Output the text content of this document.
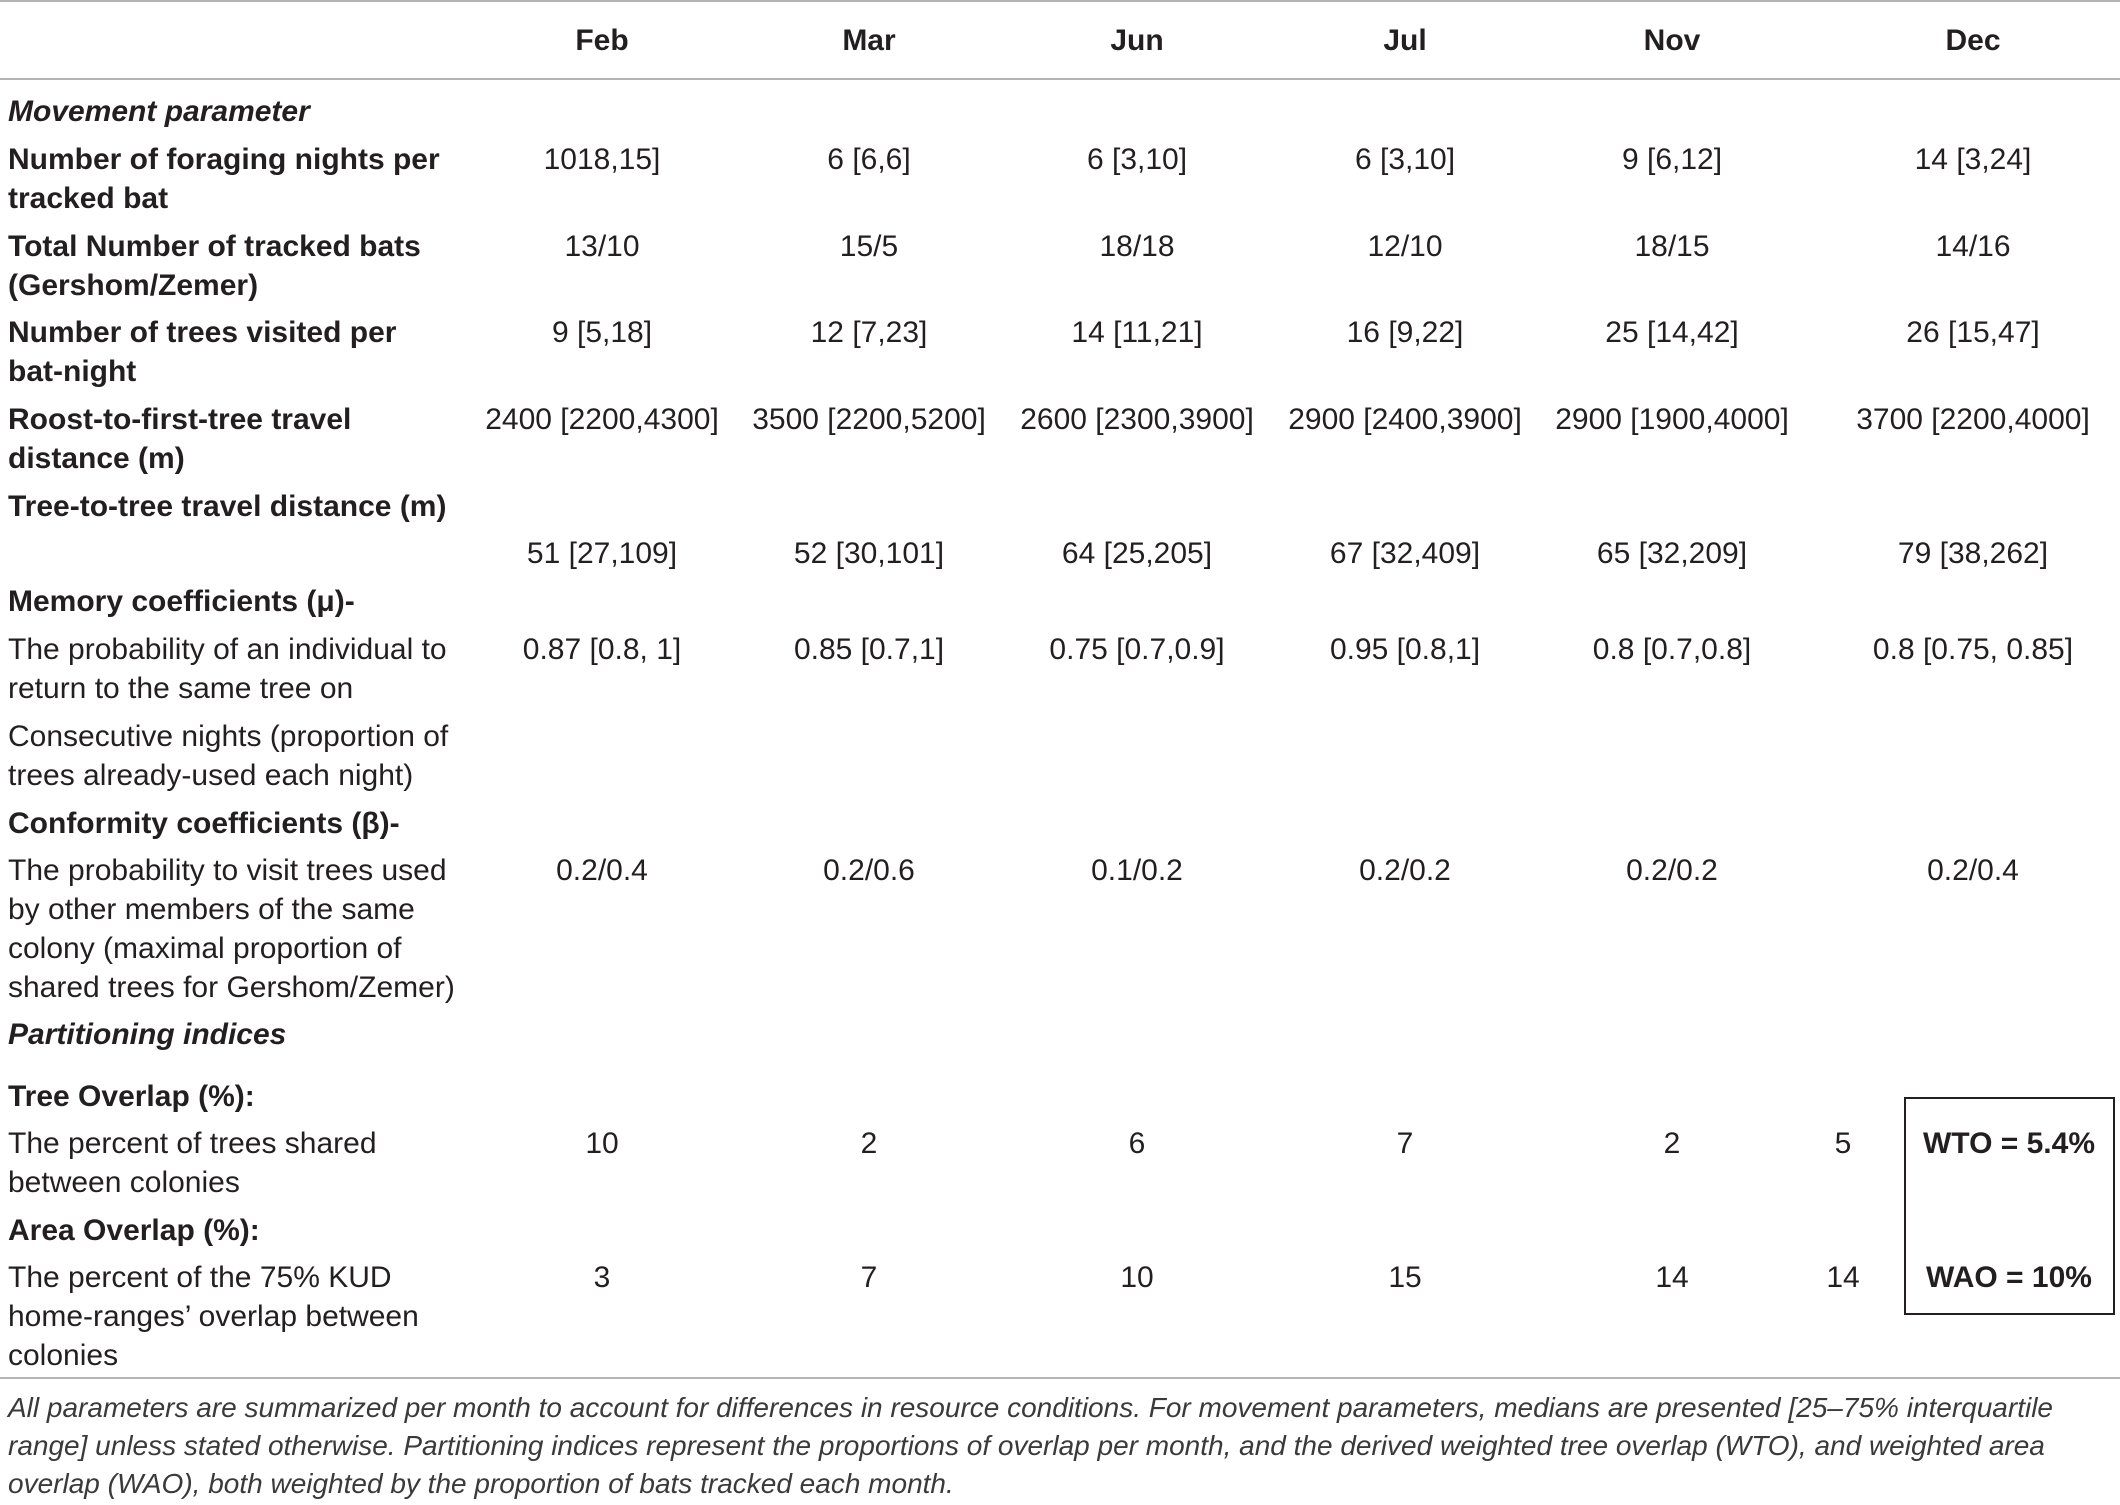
Feb	Mar	Jun	Jul	Nov	Dec
Movement parameter
Number of foraging nights per
tracked bat
1018,15]	6 [6,6]	6 [3,10]	6 [3,10]	9 [6,12]	14 [3,24]
Total Number of tracked bats
(Gershom/Zemer)
13/10	15/5	18/18	12/10	18/15	14/16
Number of trees visited per
bat-night
9 [5,18]	12 [7,23]	14 [11,21]	16 [9,22]	25 [14,42]	26 [15,47]
Roost-to-first-tree travel
distance (m)
2400 [2200,4300] 3500 [2200,5200] 2600 [2300,3900] 2900 [2400,3900] 2900 [1900,4000] 3700 [2200,4000]
Tree-to-tree travel distance (m)
51 [27,109]	52 [30,101]	64 [25,205]	67 [32,409]	65 [32,209]	79 [38,262]
Memory coefficients (μ)-
The probability of an individual to
return to the same tree on
Consecutive nights (proportion of
trees already-used each night)
0.87 [0.8, 1]	0.85 [0.7,1]	0.75 [0.7,0.9]	0.95 [0.8,1]	0.8 [0.7,0.8]	0.8 [0.75, 0.85]
Conformity coefficients (β)-
The probability to visit trees used
by other members of the same
colony (maximal proportion of
shared trees for Gershom/Zemer)
0.2/0.4	0.2/0.6	0.1/0.2	0.2/0.2	0.2/0.2	0.2/0.4
Partitioning indices
Tree Overlap (%):
The percent of trees shared
between colonies
10	2	6	7	2	5 WTO = 5.4%
Area Overlap (%):
The percent of the 75% KUD
home-ranges’ overlap between
colonies
3	7	10	15	14	14 WAO = 10%
All parameters are summarized per month to account for differences in resource conditions. For movement parameters, medians are presented [25–75% interquartile range] unless stated otherwise. Partitioning indices represent the proportions of overlap per month, and the derived weighted tree overlap (WTO), and weighted area overlap (WAO), both weighted by the proportion of bats tracked each month.
